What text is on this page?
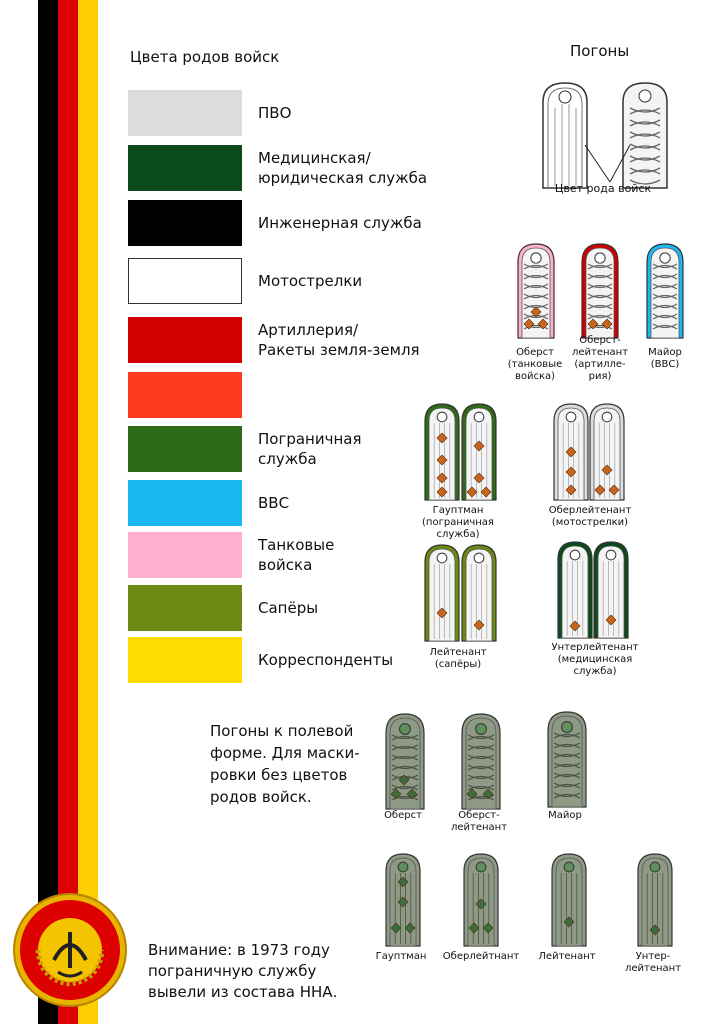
Цвета родов войск	Погоны
ПВО
Медицинская/
юридическая служба
Инженерная служба
Мотострелки
Артиллерия/
Ракеты земля-земля
Пограничная
служба
ВВС
Танковые
войска
Сапёры
Корреспонденты
Цвет рода войск
Оберст
(танковые
войска)
Оберст-
лейтенант
(артилле-
рия)
Майор
(ВВС)
Гауптман
(пограничная
служба)
Оберлейтенант
(мотострелки)
Лейтенант
(сапёры)
Унтерлейтенант
(медицинская
служба)
Оберст	Оберст-
лейтенант
Майор
Гауптман	Оберлейтнант	Лейтенант	Унтер-
лейтенант
Погоны к полевой форме. Для маски-ровки без цветов родов войск.
Внимание: в 1973 году пограничную службу вывели из состава ННА.
